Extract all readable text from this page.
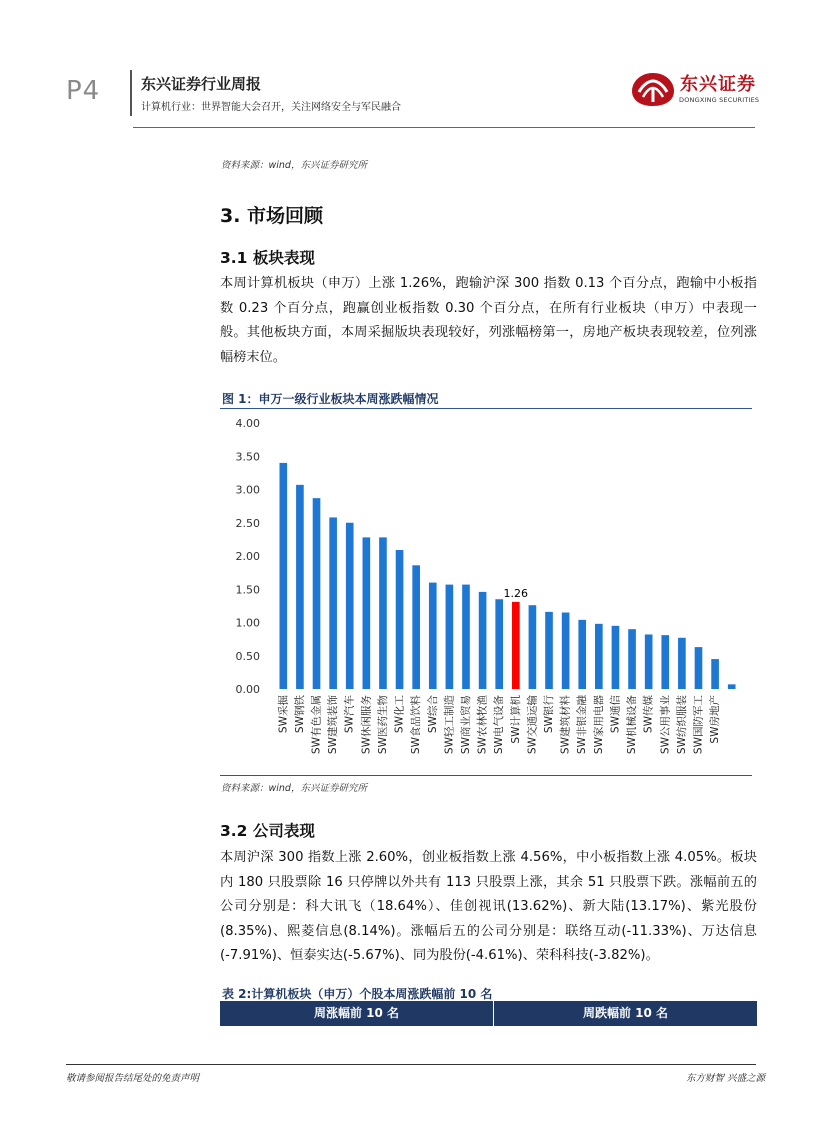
P4	东兴证券行业周报
计算机行业：世界智能大会召开，关注网络安全与军民融合
东兴证券
DONGXING SECURITIES
资料来源：wind，东兴证券研究所
3. 市场回顾
3.1 板块表现
本周计算机板块（申万）上涨 1.26%，跑输沪深 300 指数 0.13 个百分点，跑输中小板指数 0.23 个百分点，跑赢创业板指数 0.30 个百分点，在所有行业板块（申万）中表现一般。其他板块方面，本周采掘版块表现较好，列涨幅榜第一，房地产板块表现较差，位列涨幅榜末位。
图 1：申万一级行业板块本周涨跌幅情况
0.00
0.50
1.00
1.50
2.00
2.50
3.00
3.50
4.00
SW采掘 SW钢铁 SW有色金属 SW建筑装饰 SW汽车 SW休闲服务 SW医药生物 SW化工 SW食品饮料 SW综合 SW轻工制造 SW商业贸易 SW农林牧渔 SW电气设备
1.26
SW计算机 SW交通运输 SW银行 SW建筑材料 SW非银金融 SW家用电器 SW通信 SW机械设备 SW传媒 SW公用事业 SW纺织服装 SW国防军工 SW房地产
资料来源：wind，东兴证券研究所
3.2 公司表现
本周沪深 300 指数上涨 2.60%，创业板指数上涨 4.56%，中小板指数上涨 4.05%。板块内 180 只股票除 16 只停牌以外共有 113 只股票上涨，其余 51 只股票下跌。涨幅前五的公司分别是：科大讯飞（18.64%）、佳创视讯(13.62%)、新大陆(13.17%)、紫光股份(8.35%)、熙菱信息(8.14%)。涨幅后五的公司分别是：联络互动(-11.33%)、万达信息(-7.91%)、恒泰实达(-5.67%)、同为股份(-4.61%)、荣科科技(-3.82%)。
表 2:计算机板块（申万）个股本周涨跌幅前 10 名
周涨幅前 10 名	周跌幅前 10 名
敬请参阅报告结尾处的免责声明	东方财智 兴盛之源
